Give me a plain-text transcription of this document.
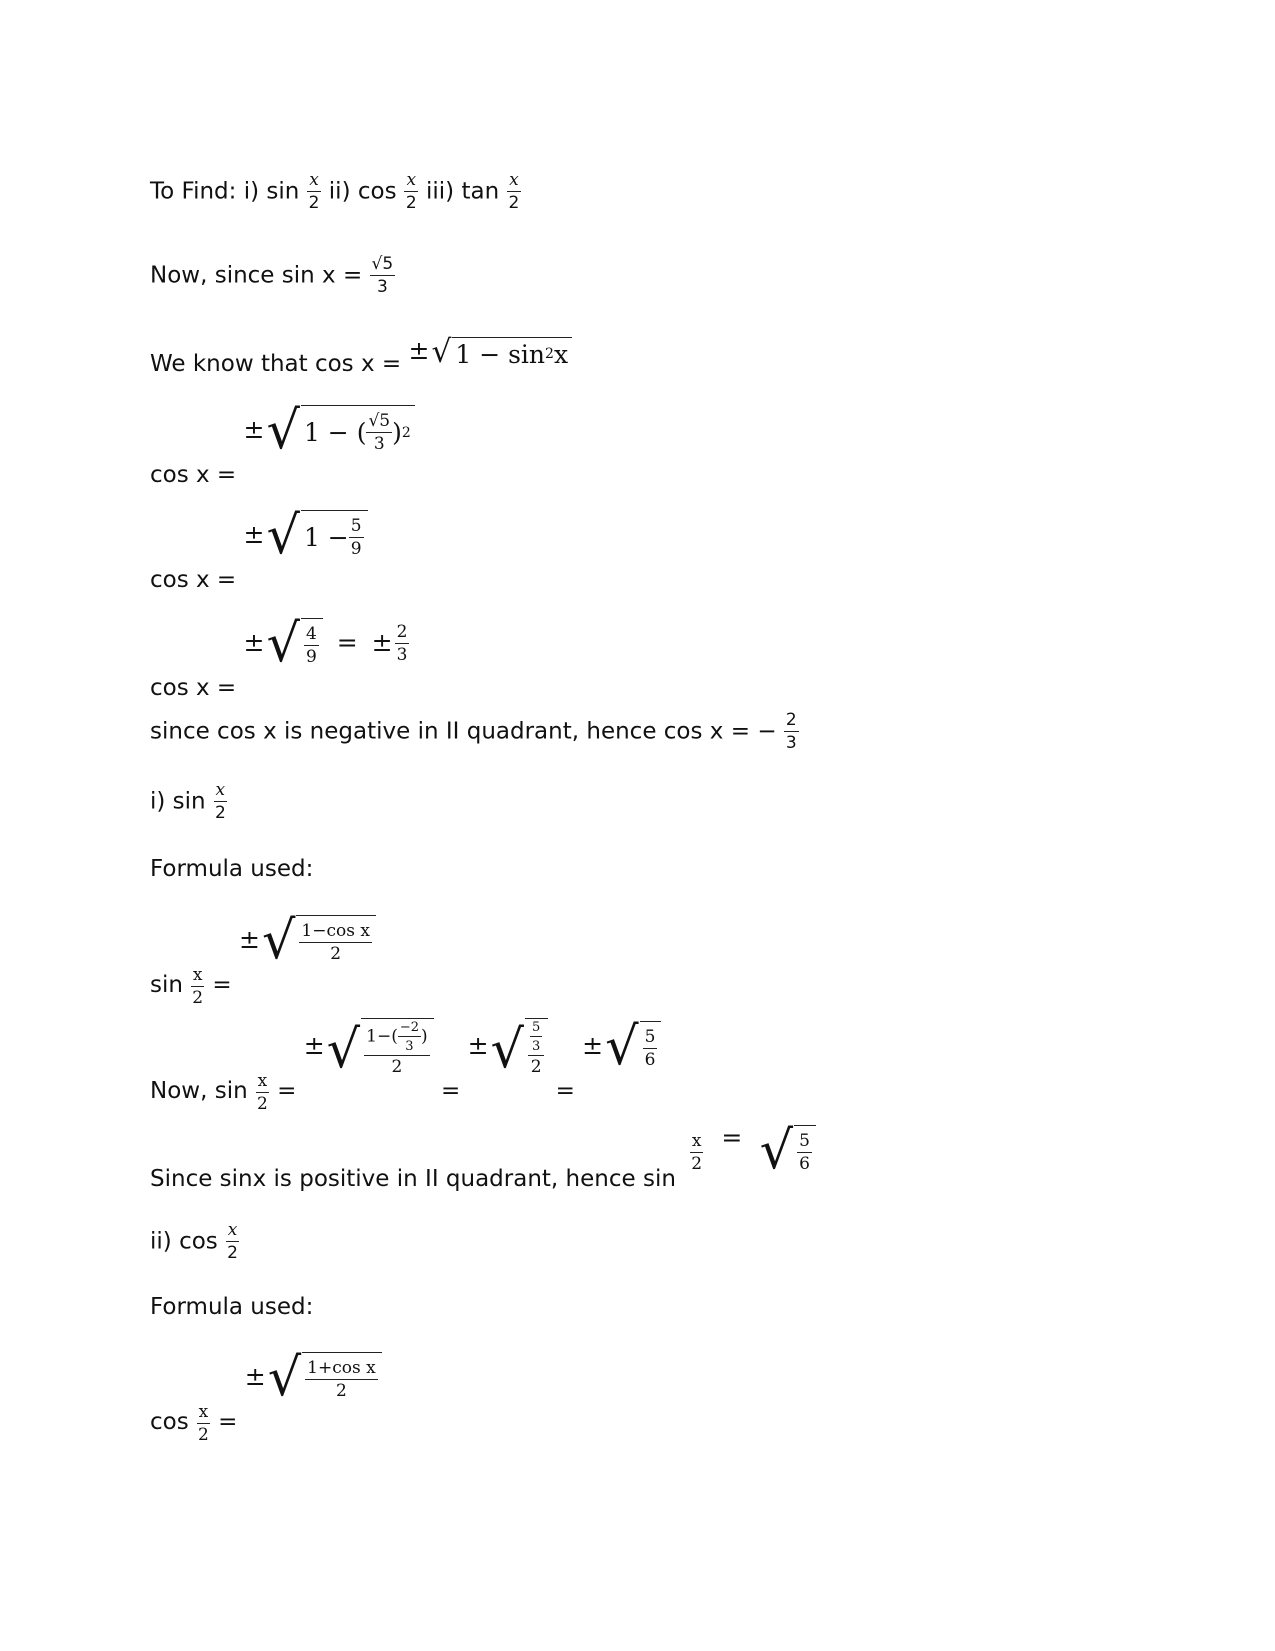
To Find: i) $\sin \frac{x}{2} ii$) $\cos \frac{x}{2} iii$) $\tan \frac{x}{2}$
Now, since $\sin x = \frac{√5}{3}$
We know that cos x = ± √ 1 − sin 2 x
cos x = ± √ 1 − ( $\frac{√5}{3}$ ) 2
cos x = ± √ $1 - \frac{5}{9}$
cos x = ± √ $\frac{4}{9}$ = ± $\frac{2}{3}$
since cos x is negative in II quadrant, hence cos x = − $\frac{2}{3}$
i) $\sin \frac{x}{2}$
Formula used:
$\sin \frac{x}{2}$ = ± √ $\frac{\text{1−cos x}}{2}$
Now, $\sin \frac{x}{2}$ = ± √ $\frac{1-( \frac{-2}{3} )}{2}$
= ± √ $\frac{\frac{5}{3}}{2}$
= ± √ $\frac{5}{6}$
Since sinx is positive in II quadrant, hence sin
$\frac{x}{2}$ = √ $\frac{5}{6}$
ii) $\cos \frac{x}{2}$
Formula used:
$\cos \frac{x}{2}$ = ± √ $\frac{\text{1+cos x}}{2}$
